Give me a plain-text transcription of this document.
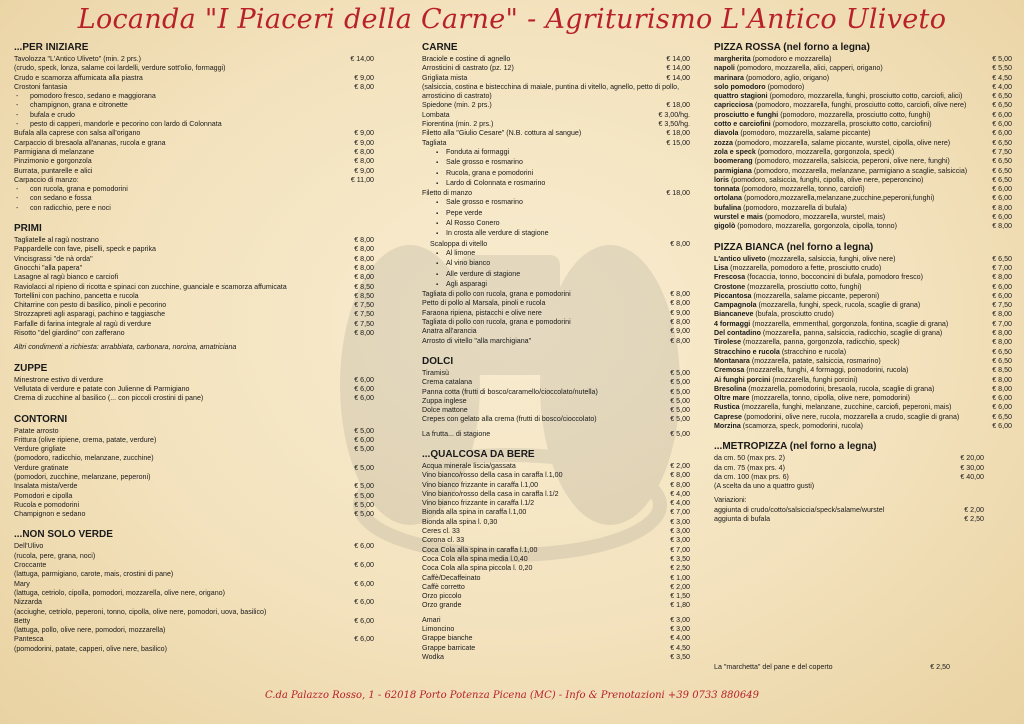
Locanda "I Piaceri della Carne" - Agriturismo L'Antico Uliveto
...PER INIZIARE
Tavolozza "L'Antico Uliveto" (min. 2 prs.)	€ 14,00
(crudo, speck, lonza, salame coi lardelli, verdure sott'olio, formaggi)
Crudo e scamorza affumicata alla piastra	€ 9,00
Crostoni fantasia	€ 8,00
- pomodoro fresco, sedano e maggiorana
- champignon, grana e citronette
- bufala e crudo
- pesto di capperi, mandorle e pecorino con lardo di Colonnata
Bufala alla caprese con salsa all'origano	€ 9,00
Carpaccio di bresaola all'ananas, rucola e grana	€ 9,00
Parmigiana di melanzane	€ 8,00
Pinzimonio e gorgonzola	€ 8,00
Burrata, puntarelle e alici	€ 9,00
Carpaccio di manzo:	€ 11,00
- con rucola, grana e pomodorini
- con sedano e fossa
- con radicchio, pere e noci
PRIMI
Tagliatelle al ragù nostrano	€ 8,00
Pappardelle con fave, piselli, speck e paprika	€ 8,00
Vincisgrassi "de nà orda"	€ 8,00
Gnocchi "alla papera"	€ 8,00
Lasagne al ragù bianco e carciofi	€ 8,00
Raviolacci al ripieno di ricotta e spinaci con zucchine, guanciale e scamorza affumicata	€ 8,50
Tortellini con pachino, pancetta e rucola	€ 8,50
Chitarrine con pesto di basilico, pinoli e pecorino	€ 7,50
Strozzapreti agli asparagi, pachino e taggiasche	€ 7,50
Farfalle di farina integrale al ragù di verdure	€ 7,50
Risotto "del giardino" con zafferano	€ 8,00
Altri condimenti a richiesta: arrabbiata, carbonara, norcina, amatriciana
ZUPPE
Minestrone estivo di verdure	€ 6,00
Vellutata di verdure e patate con Julienne di Parmigiano	€ 6,00
Crema di zucchine al basilico (... con piccoli crostini di pane)	€ 6,00
CONTORNI
Patate arrosto	€ 5,00
Frittura (olive ripiene, crema, patate, verdure)	€ 6,00
Verdure grigliate	€ 5,00
(pomodoro, radicchio, melanzane, zucchine)
Verdure gratinate	€ 5,00
(pomodori, zucchine, melanzane, peperoni)
Insalata mista/verde	€ 5,00
Pomodori e cipolla	€ 5,00
Rucola e pomodorini	€ 5,00
Champignon e sedano	€ 5,00
...NON SOLO VERDE
Dell'Ulivo	€ 6,00
(rucola, pere, grana, noci)
Croccante	€ 6,00
(lattuga, parmigiano, carote, mais, crostini di pane)
Mary	€ 6,00
(lattuga, cetriolo, cipolla, pomodori, mozzarella, olive nere, origano)
Nizzarda	€ 6,00
(acciughe, cetriolo, peperoni, tonno, cipolla, olive nere, pomodori, uova, basilico)
Betty	€ 6,00
(lattuga, pollo, olive nere, pomodori, mozzarella)
Pantesca	€ 6,00
(pomodorini, patate, capperi, olive nere, basilico)
CARNE
Braciole e costine di agnello	€ 14,00
Arrosticini di castrato (pz. 12)	€ 14,00
Grigliata mista	€ 14,00
(salsiccia, costina e bistecchina di maiale, puntina di vitello, agnello, petto di pollo,
arrosticino di castrato)
Spiedone (min. 2 prs.)	€ 18,00
Lombata	€ 3,00/hg.
Fiorentina (min. 2 prs.)	€ 3,50/hg.
Filetto alla "Giulio Cesare" (N.B. cottura al sangue)	€ 18,00
Tagliata	€ 15,00
▪ Fonduta ai formaggi
▪ Sale grosso e rosmarino
▪ Rucola, grana e pomodorini
▪ Lardo di Colonnata e rosmarino
Filetto di manzo	€ 18,00
▪ Sale grosso e rosmarino
▪ Pepe verde
▪ Al Rosso Conero
▪ In crosta alle verdure di stagione
Scaloppa di vitello	€ 8,00
▪ Al limone
▪ Al vino bianco
▪ Alle verdure di stagione
▪ Agli asparagi
Tagliata di pollo con rucola, grana e pomodorini	€ 8,00
Petto di pollo al Marsala, pinoli e rucola	€ 8,00
Faraona ripiena, pistacchi e olive nere	€ 9,00
Tagliata di pollo con rucola, grana e pomodorini	€ 8,00
Anatra all'arancia	€ 9,00
Arrosto di vitello "alla marchigiana"	€ 8,00
DOLCI
Tiramisù	€ 5,00
Crema catalana	€ 5,00
Panna cotta (frutti di bosco/caramello/cioccolato/nutella)	€ 5,00
Zuppa inglese	€ 5,00
Dolce mattone	€ 5,00
Crepes con gelato alla crema (frutti di bosco/cioccolato)	€ 5,00
La frutta... di stagione	€ 5,00
...QUALCOSA DA BERE
Acqua minerale liscia/gassata	€ 2,00
Vino bianco/rosso della casa in caraffa l.1,00	€ 8,00
Vino bianco frizzante in caraffa l.1,00	€ 8,00
Vino bianco/rosso della casa in caraffa l.1/2	€ 4,00
Vino bianco frizzante in caraffa l.1/2	€ 4,00
Bionda alla spina in caraffa l.1,00	€ 7,00
Bionda alla spina l. 0,30	€ 3,00
Ceres cl. 33	€ 3,00
Corona cl. 33	€ 3,00
Coca Cola alla spina in caraffa l.1,00	€ 7,00
Coca Cola alla spina media l.0,40	€ 3,50
Coca Cola alla spina piccola l. 0,20	€ 2,50
Caffè/Decaffeinato	€ 1,00
Caffè corretto	€ 2,00
Orzo piccolo	€ 1,50
Orzo grande	€ 1,80
Amari	€ 3,00
Limoncino	€ 3,00
Grappe bianche	€ 4,00
Grappe barricate	€ 4,50
Wodka	€ 3,50
PIZZA ROSSA (nel forno a legna)
margherita (pomodoro e mozzarella)	€ 5,00
napoli (pomodoro, mozzarella, alici, capperi, origano)	€ 5,50
marinara (pomodoro, aglio, origano)	€ 4,50
solo pomodoro (pomodoro)	€ 4,00
quattro stagioni (pomodoro, mozzarella, funghi, prosciutto cotto, carciofi, alici)	€ 6,50
capricciosa (pomodoro, mozzarella, funghi, prosciutto cotto, carciofi, olive nere)	€ 6,50
prosciutto e funghi (pomodoro, mozzarella, prosciutto cotto, funghi)	€ 6,00
cotto e carciofini (pomodoro, mozzarella, prosciutto cotto, carciofini)	€ 6,00
diavola (pomodoro, mozzarella, salame piccante)	€ 6,00
zozza (pomodoro, mozzarella, salame piccante, wurstel, cipolla, olive nere)	€ 6,50
zola e speck (pomodoro, mozzarella, gorgonzola, speck)	€ 7,50
boomerang (pomodoro, mozzarella, salsiccia, peperoni, olive nere, funghi)	€ 6,50
parmigiana (pomodoro, mozzarella, melanzane, parmigiano a scaglie, salsiccia)	€ 6,50
loris (pomodoro, salsiccia, funghi, cipolla, olive nere, peperoncino)	€ 6,50
tonnata (pomodoro, mozzarella, tonno, carciofi)	€ 6,00
ortolana (pomodoro,mozzarella,melanzane,zucchine,peperoni,funghi)	€ 6,00
bufalina (pomodoro, mozzarella di bufala)	€ 8,00
wurstel e mais (pomodoro, mozzarella, wurstel, mais)	€ 6,00
gigolò (pomodoro, mozzarella, gorgonzola, cipolla, tonno)	€ 8,00
PIZZA BIANCA (nel forno a legna)
L'antico uliveto (mozzarella, salsiccia, funghi, olive nere)	€ 6,50
Lisa (mozzarella, pomodoro a fette, prosciutto crudo)	€ 7,00
Frescosa (focaccia, tonno, bocconcini di bufala, pomodoro fresco)	€ 8,00
Crostone (mozzarella, prosciutto cotto, funghi)	€ 6,00
Piccantosa (mozzarella, salame piccante, peperoni)	€ 6,00
Campagnola (mozzarella, funghi, speck, rucola, scaglie di grana)	€ 7,50
Biancaneve (bufala, prosciutto crudo)	€ 8,00
4 formaggi (mozzarella, emmenthal, gorgonzola, fontina, scaglie di grana)	€ 7,00
Del contadino (mozzarella, panna, salsiccia, radicchio, scaglie di grana)	€ 8,00
Tirolese (mozzarella, panna, gorgonzola, radicchio, speck)	€ 8,00
Stracchino e rucola (stracchino e rucola)	€ 6,50
Montanara (mozzarella, patate, salsiccia, rosmarino)	€ 6,50
Cremosa (mozzarella, funghi, 4 formaggi, pomodorini, rucola)	€ 8,50
Ai funghi porcini (mozzarella, funghi porcini)	€ 8,00
Bresolina (mozzarella, pomodorini, bresaola, rucola, scaglie di grana)	€ 8,00
Oltre mare (mozzarella, tonno, cipolla, olive nere, pomodorini)	€ 6,00
Rustica (mozzarella, funghi, melanzane, zucchine, carciofi, peperoni, mais)	€ 6,00
Caprese (pomodorini, olive nere, rucola, mozzarella a crudo, scaglie di grana)	€ 6,50
Morzina (scamorza, speck, pomodorini, rucola)	€ 6,00
...METROPIZZA (nel forno a legna)
da cm. 50 (max prs. 2)	€ 20,00
da cm. 75 (max prs. 4)	€ 30,00
da cm. 100 (max prs. 6)	€ 40,00
(A scelta da uno a quattro gusti)
Variazioni:
aggiunta di crudo/cotto/salsiccia/speck/salame/wurstel	€ 2,00
aggiunta di bufala	€ 2,50
La "marchetta" del pane e del coperto	€ 2,50
C.da Palazzo Rosso, 1 - 62018 Porto Potenza Picena (MC) - Info & Prenotazioni +39 0733 880649
